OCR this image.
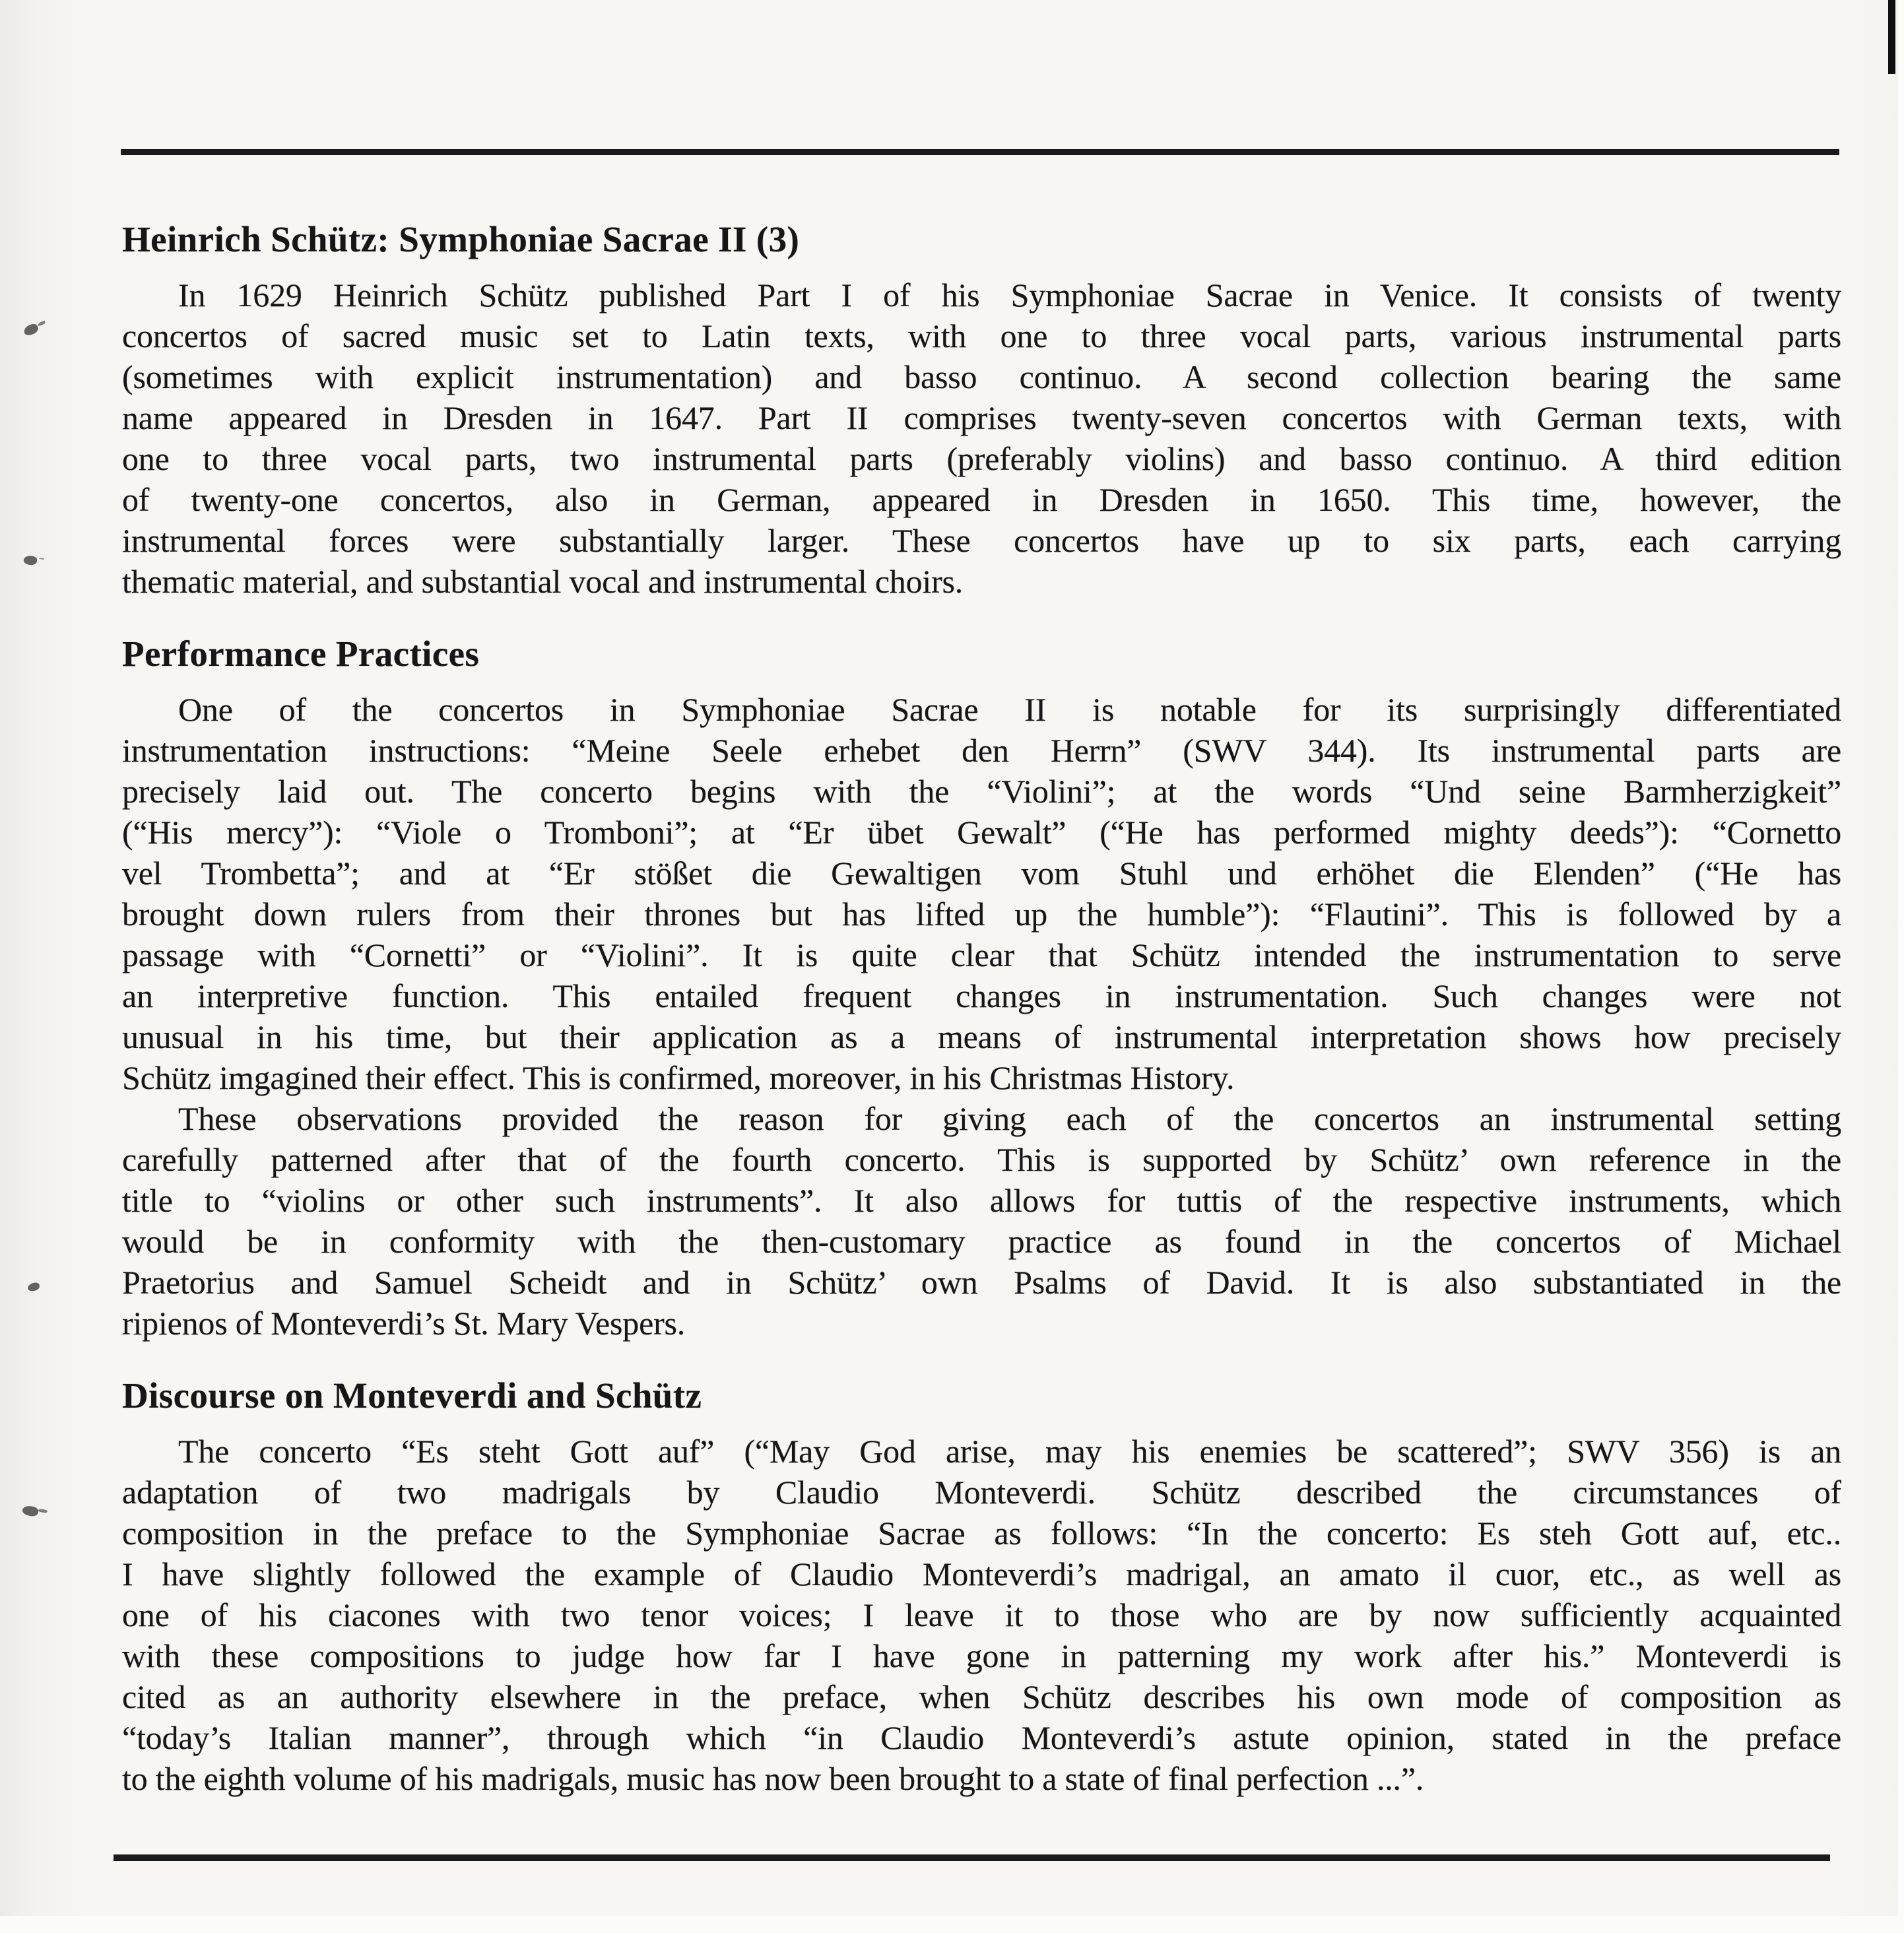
Heinrich Schütz: Symphoniae Sacrae II (3)
In 1629 Heinrich Schütz published Part I of his Symphoniae Sacrae in Venice. It consists of twenty
concertos of sacred music set to Latin texts, with one to three vocal parts, various instrumental parts
(sometimes with explicit instrumentation) and basso continuo. A second collection bearing the same
name appeared in Dresden in 1647. Part II comprises twenty-seven concertos with German texts, with
one to three vocal parts, two instrumental parts (preferably violins) and basso continuo. A third edition
of twenty-one concertos, also in German, appeared in Dresden in 1650. This time, however, the
instrumental forces were substantially larger. These concertos have up to six parts, each carrying
thematic material, and substantial vocal and instrumental choirs.
Performance Practices
One of the concertos in Symphoniae Sacrae II is notable for its surprisingly differentiated
instrumentation instructions: “Meine Seele erhebet den Herrn” (SWV 344). Its instrumental parts are
precisely laid out. The concerto begins with the “Violini”; at the words “Und seine Barmherzigkeit”
(“His mercy”): “Viole o Tromboni”; at “Er übet Gewalt” (“He has performed mighty deeds”): “Cornetto
vel Trombetta”; and at “Er stößet die Gewaltigen vom Stuhl und erhöhet die Elenden” (“He has
brought down rulers from their thrones but has lifted up the humble”): “Flautini”. This is followed by a
passage with “Cornetti” or “Violini”. It is quite clear that Schütz intended the instrumentation to serve
an interpretive function. This entailed frequent changes in instrumentation. Such changes were not
unusual in his time, but their application as a means of instrumental interpretation shows how precisely
Schütz imgagined their effect. This is confirmed, moreover, in his Christmas History.
These observations provided the reason for giving each of the concertos an instrumental setting
carefully patterned after that of the fourth concerto. This is supported by Schütz’ own reference in the
title to “violins or other such instruments”. It also allows for tuttis of the respective instruments, which
would be in conformity with the then-customary practice as found in the concertos of Michael
Praetorius and Samuel Scheidt and in Schütz’ own Psalms of David. It is also substantiated in the
ripienos of Monteverdi’s St. Mary Vespers.
Discourse on Monteverdi and Schütz
The concerto “Es steht Gott auf” (“May God arise, may his enemies be scattered”; SWV 356) is an
adaptation of two madrigals by Claudio Monteverdi. Schütz described the circumstances of
composition in the preface to the Symphoniae Sacrae as follows: “In the concerto: Es steh Gott auf, etc..
I have slightly followed the example of Claudio Monteverdi’s madrigal, an amato il cuor, etc., as well as
one of his ciacones with two tenor voices; I leave it to those who are by now sufficiently acquainted
with these compositions to judge how far I have gone in patterning my work after his.” Monteverdi is
cited as an authority elsewhere in the preface, when Schütz describes his own mode of composition as
“today’s Italian manner”, through which “in Claudio Monteverdi’s astute opinion, stated in the preface
to the eighth volume of his madrigals, music has now been brought to a state of final perfection ...”.
